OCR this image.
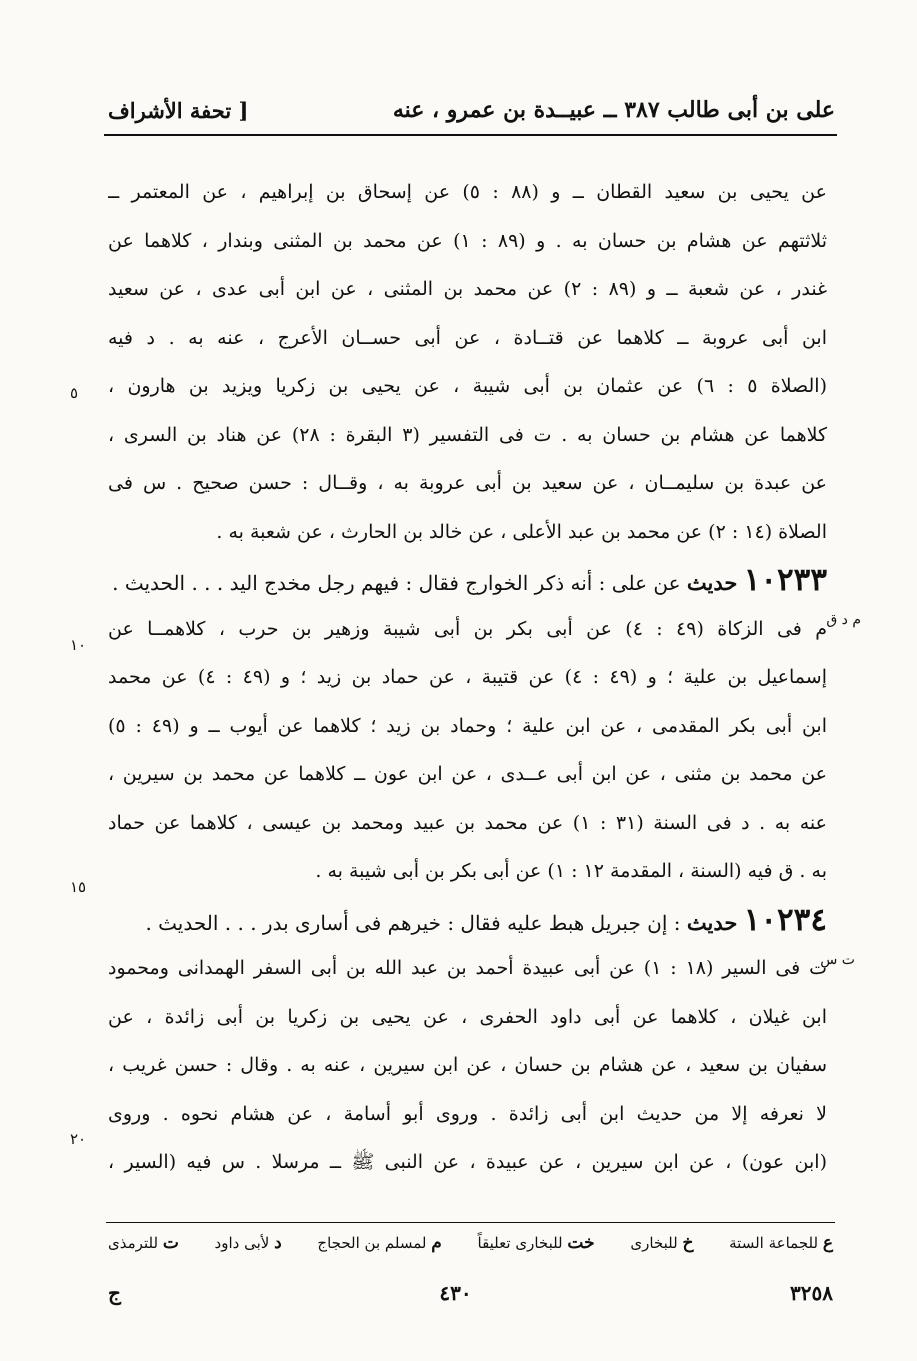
على بن أبى طالب ٣٨٧ ــ عبيــدة بن عمرو ، عنه
[ تحفة الأشراف
عن يحيى بن سعيد القطان ــ و (٨٨ : ٥) عن إسحاق بن إبراهيم ، عن المعتمر ــ
ثلاثتهم عن هشام بن حسان به . و (٨٩ : ١) عن محمد بن المثنى وبندار ، كلاهما عن
غندر ، عن شعبة ــ و (٨٩ : ٢) عن محمد بن المثنى ، عن ابن أبى عدى ، عن سعيد
ابن أبى عروبة ــ كلاهما عن قتــادة ، عن أبى حســان الأعرج ، عنه به . د فيه
(الصلاة ٥ : ٦) عن عثمان بن أبى شيبة ، عن يحيى بن زكريا ويزيد بن هارون ،
كلاهما عن هشام بن حسان به . ت فى التفسير (٣ البقرة : ٢٨) عن هناد بن السرى ،
عن عبدة بن سليمــان ، عن سعيد بن أبى عروبة به ، وقــال : حسن صحيح . س فى
الصلاة (١٤ : ٢) عن محمد بن عبد الأعلى ، عن خالد بن الحارث ، عن شعبة به .
١٠٢٣٣ حديث عن على : أنه ذكر الخوارج فقال : فيهم رجل مخدج اليد . . . الحديث .
م فى الزكاة (٤٩ : ٤) عن أبى بكر بن أبى شيبة وزهير بن حرب ، كلاهمــا عن
إسماعيل بن علية ؛ و (٤٩ : ٤) عن قتيبة ، عن حماد بن زيد ؛ و (٤٩ : ٤) عن محمد
ابن أبى بكر المقدمى ، عن ابن علية ؛ وحماد بن زيد ؛ كلاهما عن أيوب ــ و (٤٩ : ٥)
عن محمد بن مثنى ، عن ابن أبى عــدى ، عن ابن عون ــ كلاهما عن محمد بن سيرين ،
عنه به . د فى السنة (٣١ : ١) عن محمد بن عبيد ومحمد بن عيسى ، كلاهما عن حماد
به . ق فيه (السنة ، المقدمة ١٢ : ١) عن أبى بكر بن أبى شيبة به .
١٠٢٣٤ حديث : إن جبريل هبط عليه فقال : خيرهم فى أسارى بدر . . . الحديث .
ت فى السير (١٨ : ١) عن أبى عبيدة أحمد بن عبد الله بن أبى السفر الهمدانى ومحمود
ابن غيلان ، كلاهما عن أبى داود الحفرى ، عن يحيى بن زكريا بن أبى زائدة ، عن
سفيان بن سعيد ، عن هشام بن حسان ، عن ابن سيرين ، عنه به . وقال : حسن غريب ،
لا نعرفه إلا من حديث ابن أبى زائدة . وروى أبو أسامة ، عن هشام نحوه . وروى
(ابن عون) ، عن ابن سيرين ، عن عبيدة ، عن النبى ﷺ ــ مرسلا . س فيه (السير ،
م د ق
ت س
٥
١٠
١٥
٢٠
ع للجماعة الستة
خ للبخارى
خت للبخارى تعليقاً
م لمسلم بن الحجاج
د لأبى داود
ت للترمذى
٣٢٥٨
٤٣٠
ج
